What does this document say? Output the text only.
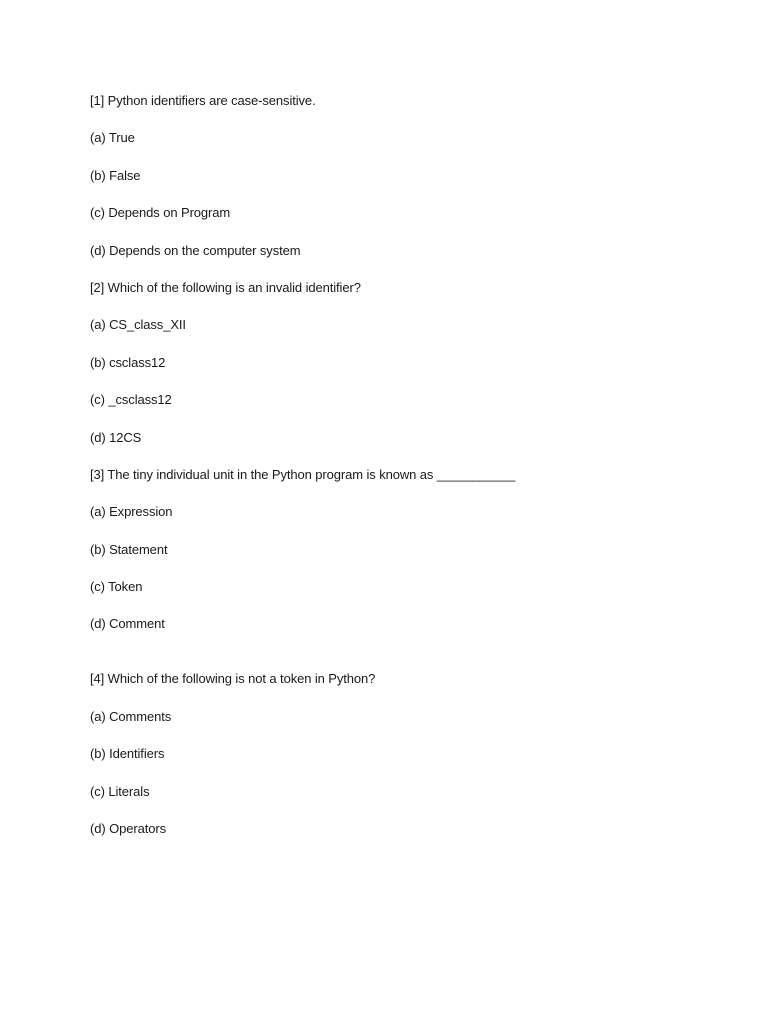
[1] Python identifiers are case-sensitive.
(a) True
(b) False
(c) Depends on Program
(d) Depends on the computer system
[2] Which of the following is an invalid identifier?
(a) CS_class_XII
(b) csclass12
(c) _csclass12
(d) 12CS
[3] The tiny individual unit in the Python program is known as ___________
(a) Expression
(b) Statement
(c) Token
(d) Comment
[4] Which of the following is not a token in Python?
(a) Comments
(b) Identifiers
(c) Literals
(d) Operators
